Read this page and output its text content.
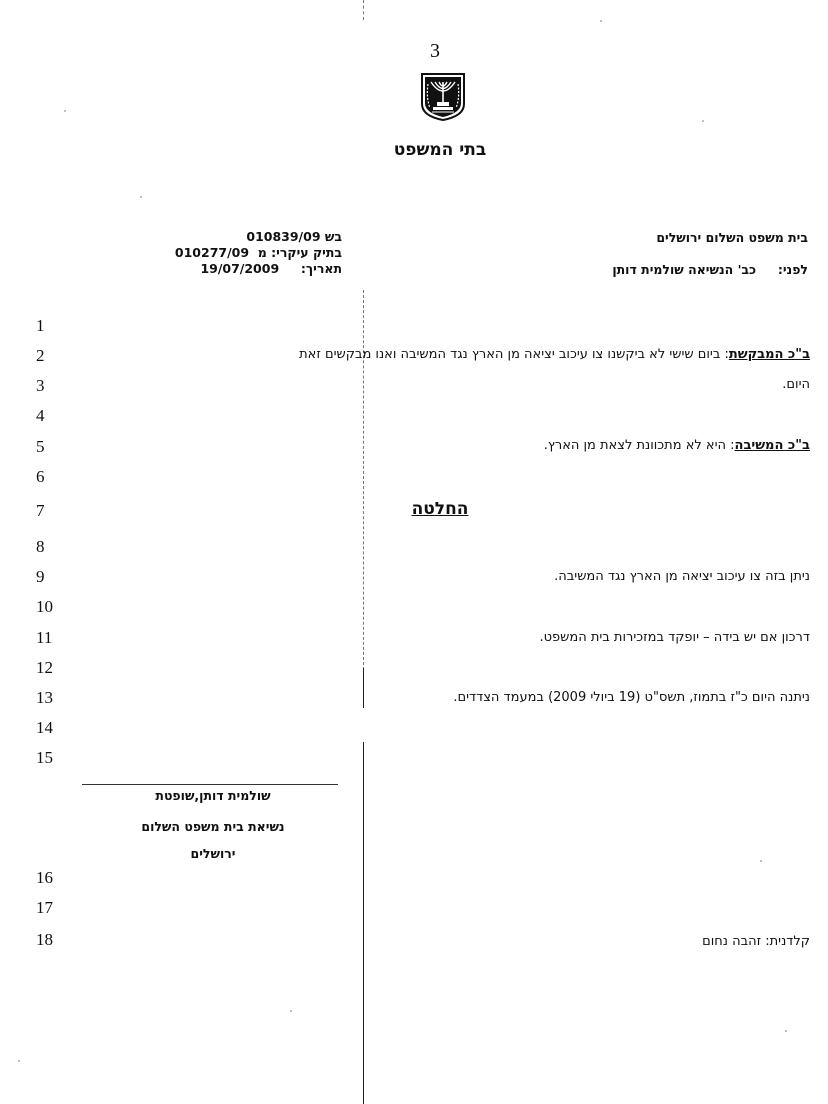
3
בתי המשפט
בית משפט השלום ירושלים
לפני:     כב' הנשיאה שולמית דותן
בש 010839/09
בתיק עיקרי: מ  010277/09
תאריך:     19/07/2009
1
2
3
4
5
6
7
8
9
10
11
12
13
14
15
16
17
18
ב"כ המבקשת: ביום שישי לא ביקשנו צו עיכוב יציאה מן הארץ נגד המשיבה ואנו מבקשים זאת
היום.
ב"כ המשיבה: היא לא מתכוונת לצאת מן הארץ.
החלטה
ניתן בזה צו עיכוב יציאה מן הארץ נגד המשיבה.
דרכון אם יש בידה – יופקד במזכירות בית המשפט.
ניתנה היום כ"ז בתמוז, תשס"ט (19 ביולי 2009) במעמד הצדדים.
שולמית דותן,שופטת
נשיאת בית משפט השלום
ירושלים
קלדנית: זהבה נחום
